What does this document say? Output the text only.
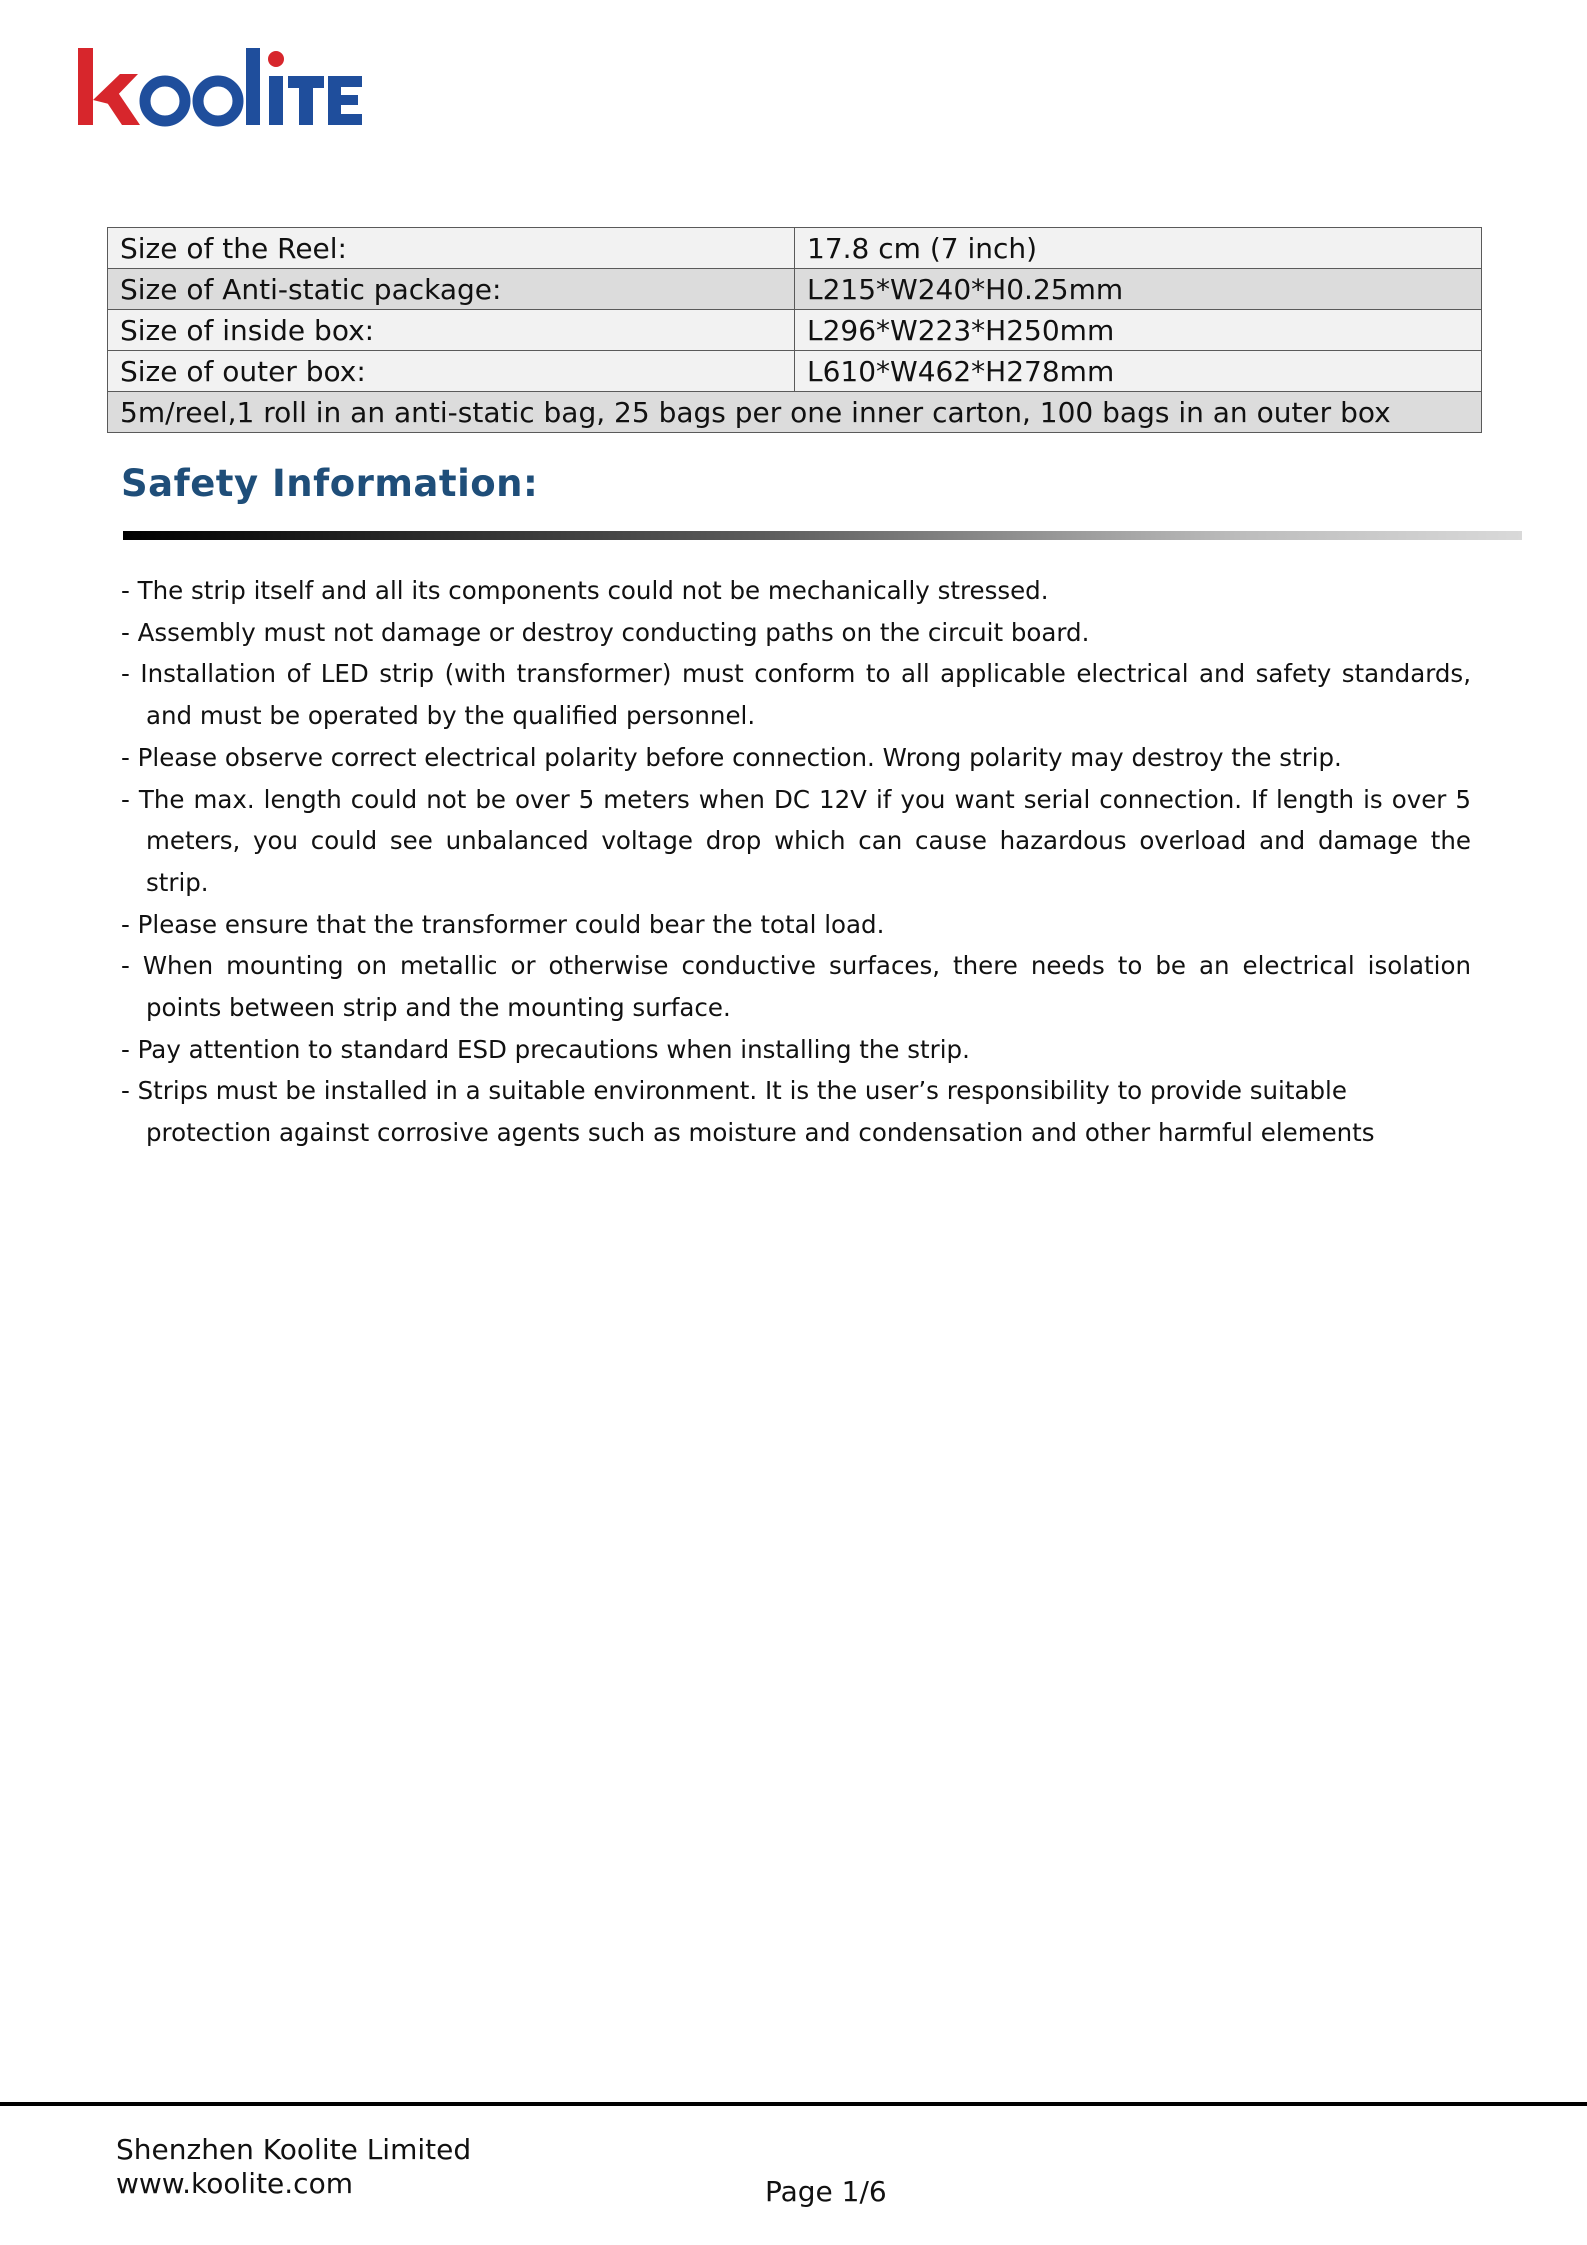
Size of the Reel:	17.8 cm (7 inch)
Size of Anti-static package:	L215*W240*H0.25mm
Size of inside box:	L296*W223*H250mm
Size of outer box:	L610*W462*H278mm
5m/reel,1 roll in an anti-static bag, 25 bags per one inner carton, 100 bags in an outer box	
Safety Information:
- The strip itself and all its components could not be mechanically stressed.
- Assembly must not damage or destroy conducting paths on the circuit board.
- Installation of LED strip (with transformer) must conform to all applicable electrical and safety standards, and must be operated by the qualified personnel.
- Please observe correct electrical polarity before connection. Wrong polarity may destroy the strip.
- The max. length could not be over 5 meters when DC 12V if you want serial connection. If length is over 5 meters, you could see unbalanced voltage drop which can cause hazardous overload and damage the strip.
- Please ensure that the transformer could bear the total load.
- When mounting on metallic or otherwise conductive surfaces, there needs to be an electrical isolation points between strip and the mounting surface.
- Pay attention to standard ESD precautions when installing the strip.
- Strips must be installed in a suitable environment. It is the user’s responsibility to provide suitable protection against corrosive agents such as moisture and condensation and other harmful elements
Shenzhen Koolite Limited
www.koolite.com	Page 1/6
